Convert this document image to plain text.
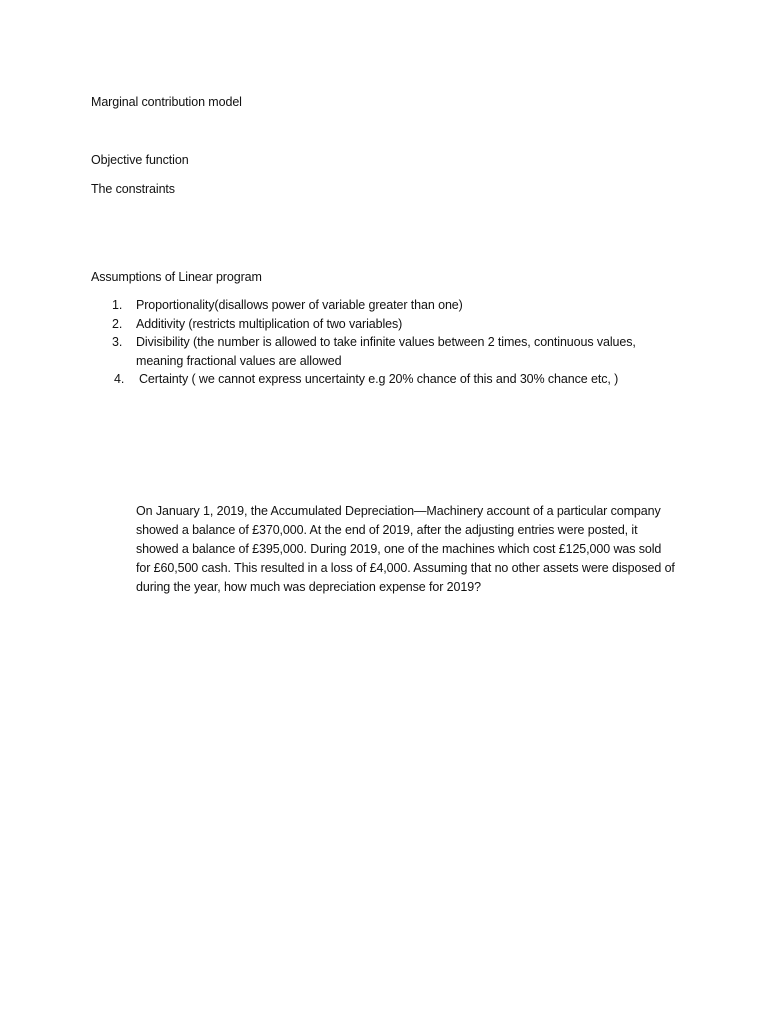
Marginal contribution model
Objective function
The constraints
Assumptions of Linear program
1. Proportionality(disallows power of variable greater than one)
2. Additivity (restricts multiplication of two variables)
3. Divisibility (the number is allowed to take infinite values between 2 times, continuous values, meaning fractional values are allowed
4. Certainty ( we cannot express uncertainty e.g 20% chance of this and 30% chance etc, )

On January 1, 2019, the Accumulated Depreciation—Machinery account of a particular company showed a balance of £370,000. At the end of 2019, after the adjusting entries were posted, it showed a balance of £395,000. During 2019, one of the machines which cost £125,000 was sold for £60,500 cash. This resulted in a loss of £4,000. Assuming that no other assets were disposed of during the year, how much was depreciation expense for 2019?
